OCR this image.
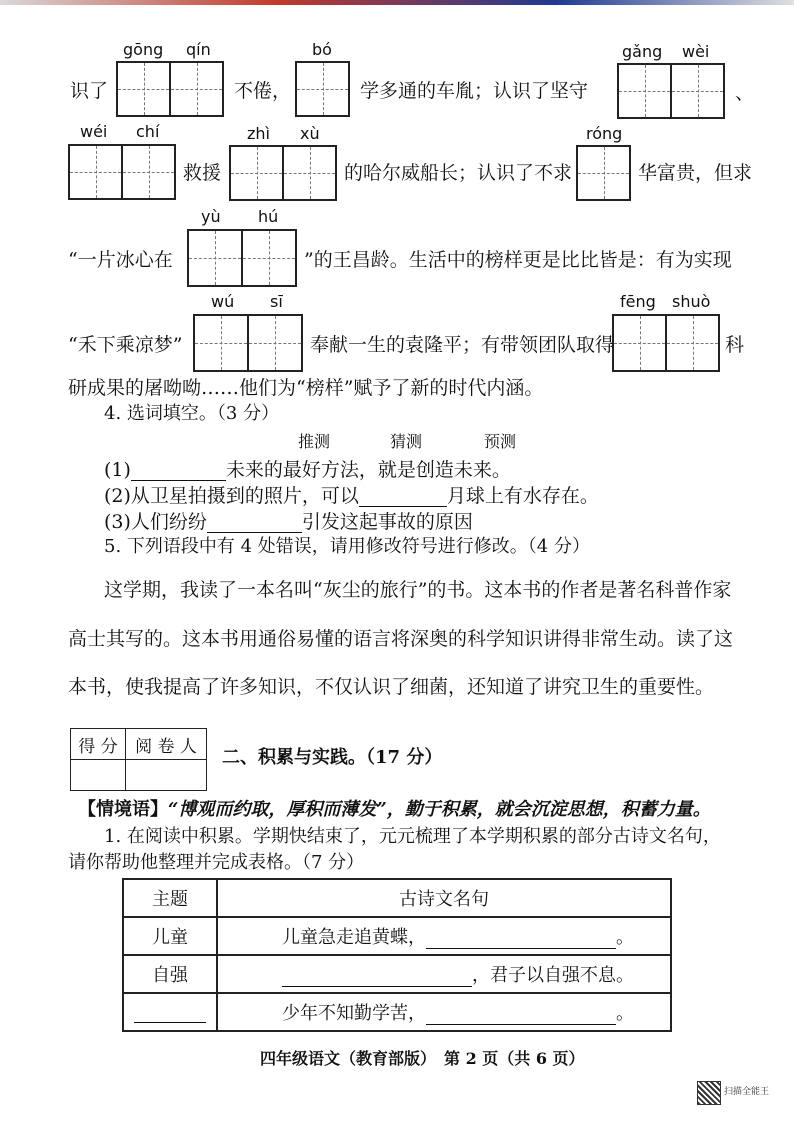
gōng qín
识了	不倦，
bó
学多通的车胤；认识了坚守
gǎng wèi
、
wéi chí
救援
zhì xù
的哈尔威船长；认识了不求
róng
华富贵，但求
yù hú
“一片冰心在	”的王昌龄。生活中的榜样更是比比皆是：有为实现
wú sī
“禾下乘凉梦”	奉献一生的袁隆平；有带领团队取得
fēng shuò
科
研成果的屠呦呦……他们为“榜样”赋予了新的时代内涵。
4. 选词填空。（3 分）
推测	猜测	预测
(1)	未来的最好方法，就是创造未来。
(2)从卫星拍摄到的照片，可以	月球上有水存在。
(3)人们纷纷	引发这起事故的原因
5. 下列语段中有 4 处错误，请用修改符号进行修改。（4 分）
这学期，我读了一本名叫“灰尘的旅行”的书。这本书的作者是著名科普作家
高士其写的。这本书用通俗易懂的语言将深奥的科学知识讲得非常生动。读了这
本书，使我提高了许多知识，不仅认识了细菌，还知道了讲究卫生的重要性。
得 分	阅 卷 人

二、积累与实践。（17 分）
【情境语】“博观而约取，厚积而薄发”，勤于积累，就会沉淀思想，积蓄力量。
1. 在阅读中积累。学期快结束了，元元梳理了本学期积累的部分古诗文名句，
请你帮助他整理并完成表格。（7 分）
主题	古诗文名句
儿童	儿童急走追黄蝶， 。
自强	，君子以自强不息。
	少年不知勤学苦， 。
四年级语文（教育部版）　第 2 页（共 6 页）
扫描全能王
